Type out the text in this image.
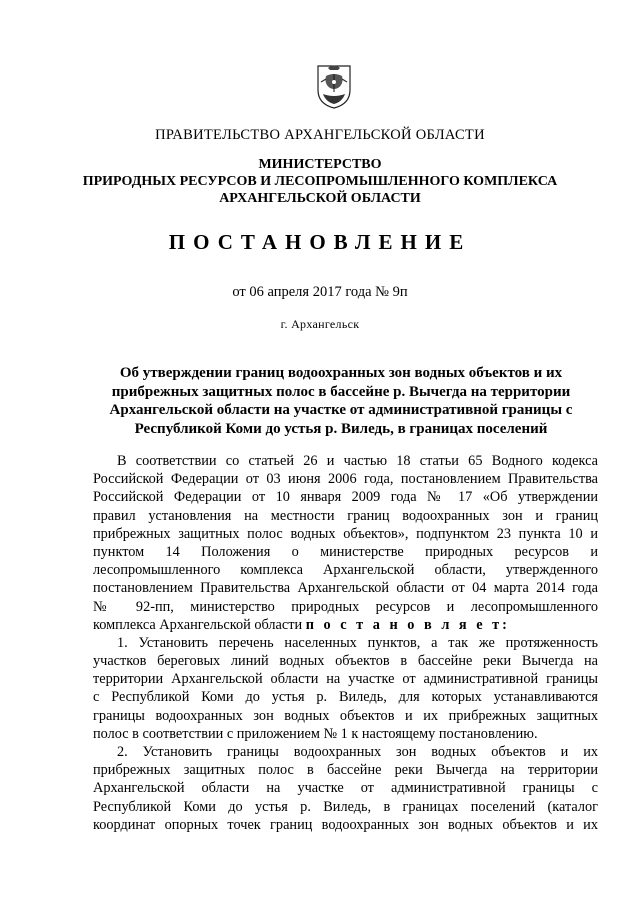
ПРАВИТЕЛЬСТВО АРХАНГЕЛЬСКОЙ ОБЛАСТИ
МИНИСТЕРСТВО
ПРИРОДНЫХ РЕСУРСОВ И ЛЕСОПРОМЫШЛЕННОГО КОМПЛЕКСА
АРХАНГЕЛЬСКОЙ ОБЛАСТИ
ПОСТАНОВЛЕНИЕ
от 06 апреля 2017 года № 9п
г. Архангельск
Об утверждении границ водоохранных зон водных объектов и их
прибрежных защитных полос в бассейне р. Вычегда на территории
Архангельской области на участке от административной границы с
Республикой Коми до устья р. Виледь, в границах поселений
В соответствии со статьей 26 и частью 18 статьи 65 Водного кодекса
Российской Федерации от 03 июня 2006 года, постановлением Правительства
Российской Федерации от 10 января 2009 года № 17 «Об утверждении
правил установления на местности границ водоохранных зон и границ
прибрежных защитных полос водных объектов», подпунктом 23 пункта 10 и
пунктом 14 Положения о министерстве природных ресурсов и
лесопромышленного комплекса Архангельской области, утвержденного
постановлением Правительства Архангельской области от 04 марта 2014 года
№ 92-пп, министерство природных ресурсов и лесопромышленного
комплекса Архангельской области п о с т а н о в л я е т:
1. Установить перечень населенных пунктов, а так же протяженность
участков береговых линий водных объектов в бассейне реки Вычегда на
территории Архангельской области на участке от административной границы
с Республикой Коми до устья р. Виледь, для которых устанавливаются
границы водоохранных зон водных объектов и их прибрежных защитных
полос в соответствии с приложением № 1 к настоящему постановлению.
2. Установить границы водоохранных зон водных объектов и их
прибрежных защитных полос в бассейне реки Вычегда на территории
Архангельской области на участке от административной границы с
Республикой Коми до устья р. Виледь, в границах поселений (каталог
координат опорных точек границ водоохранных зон водных объектов и их
